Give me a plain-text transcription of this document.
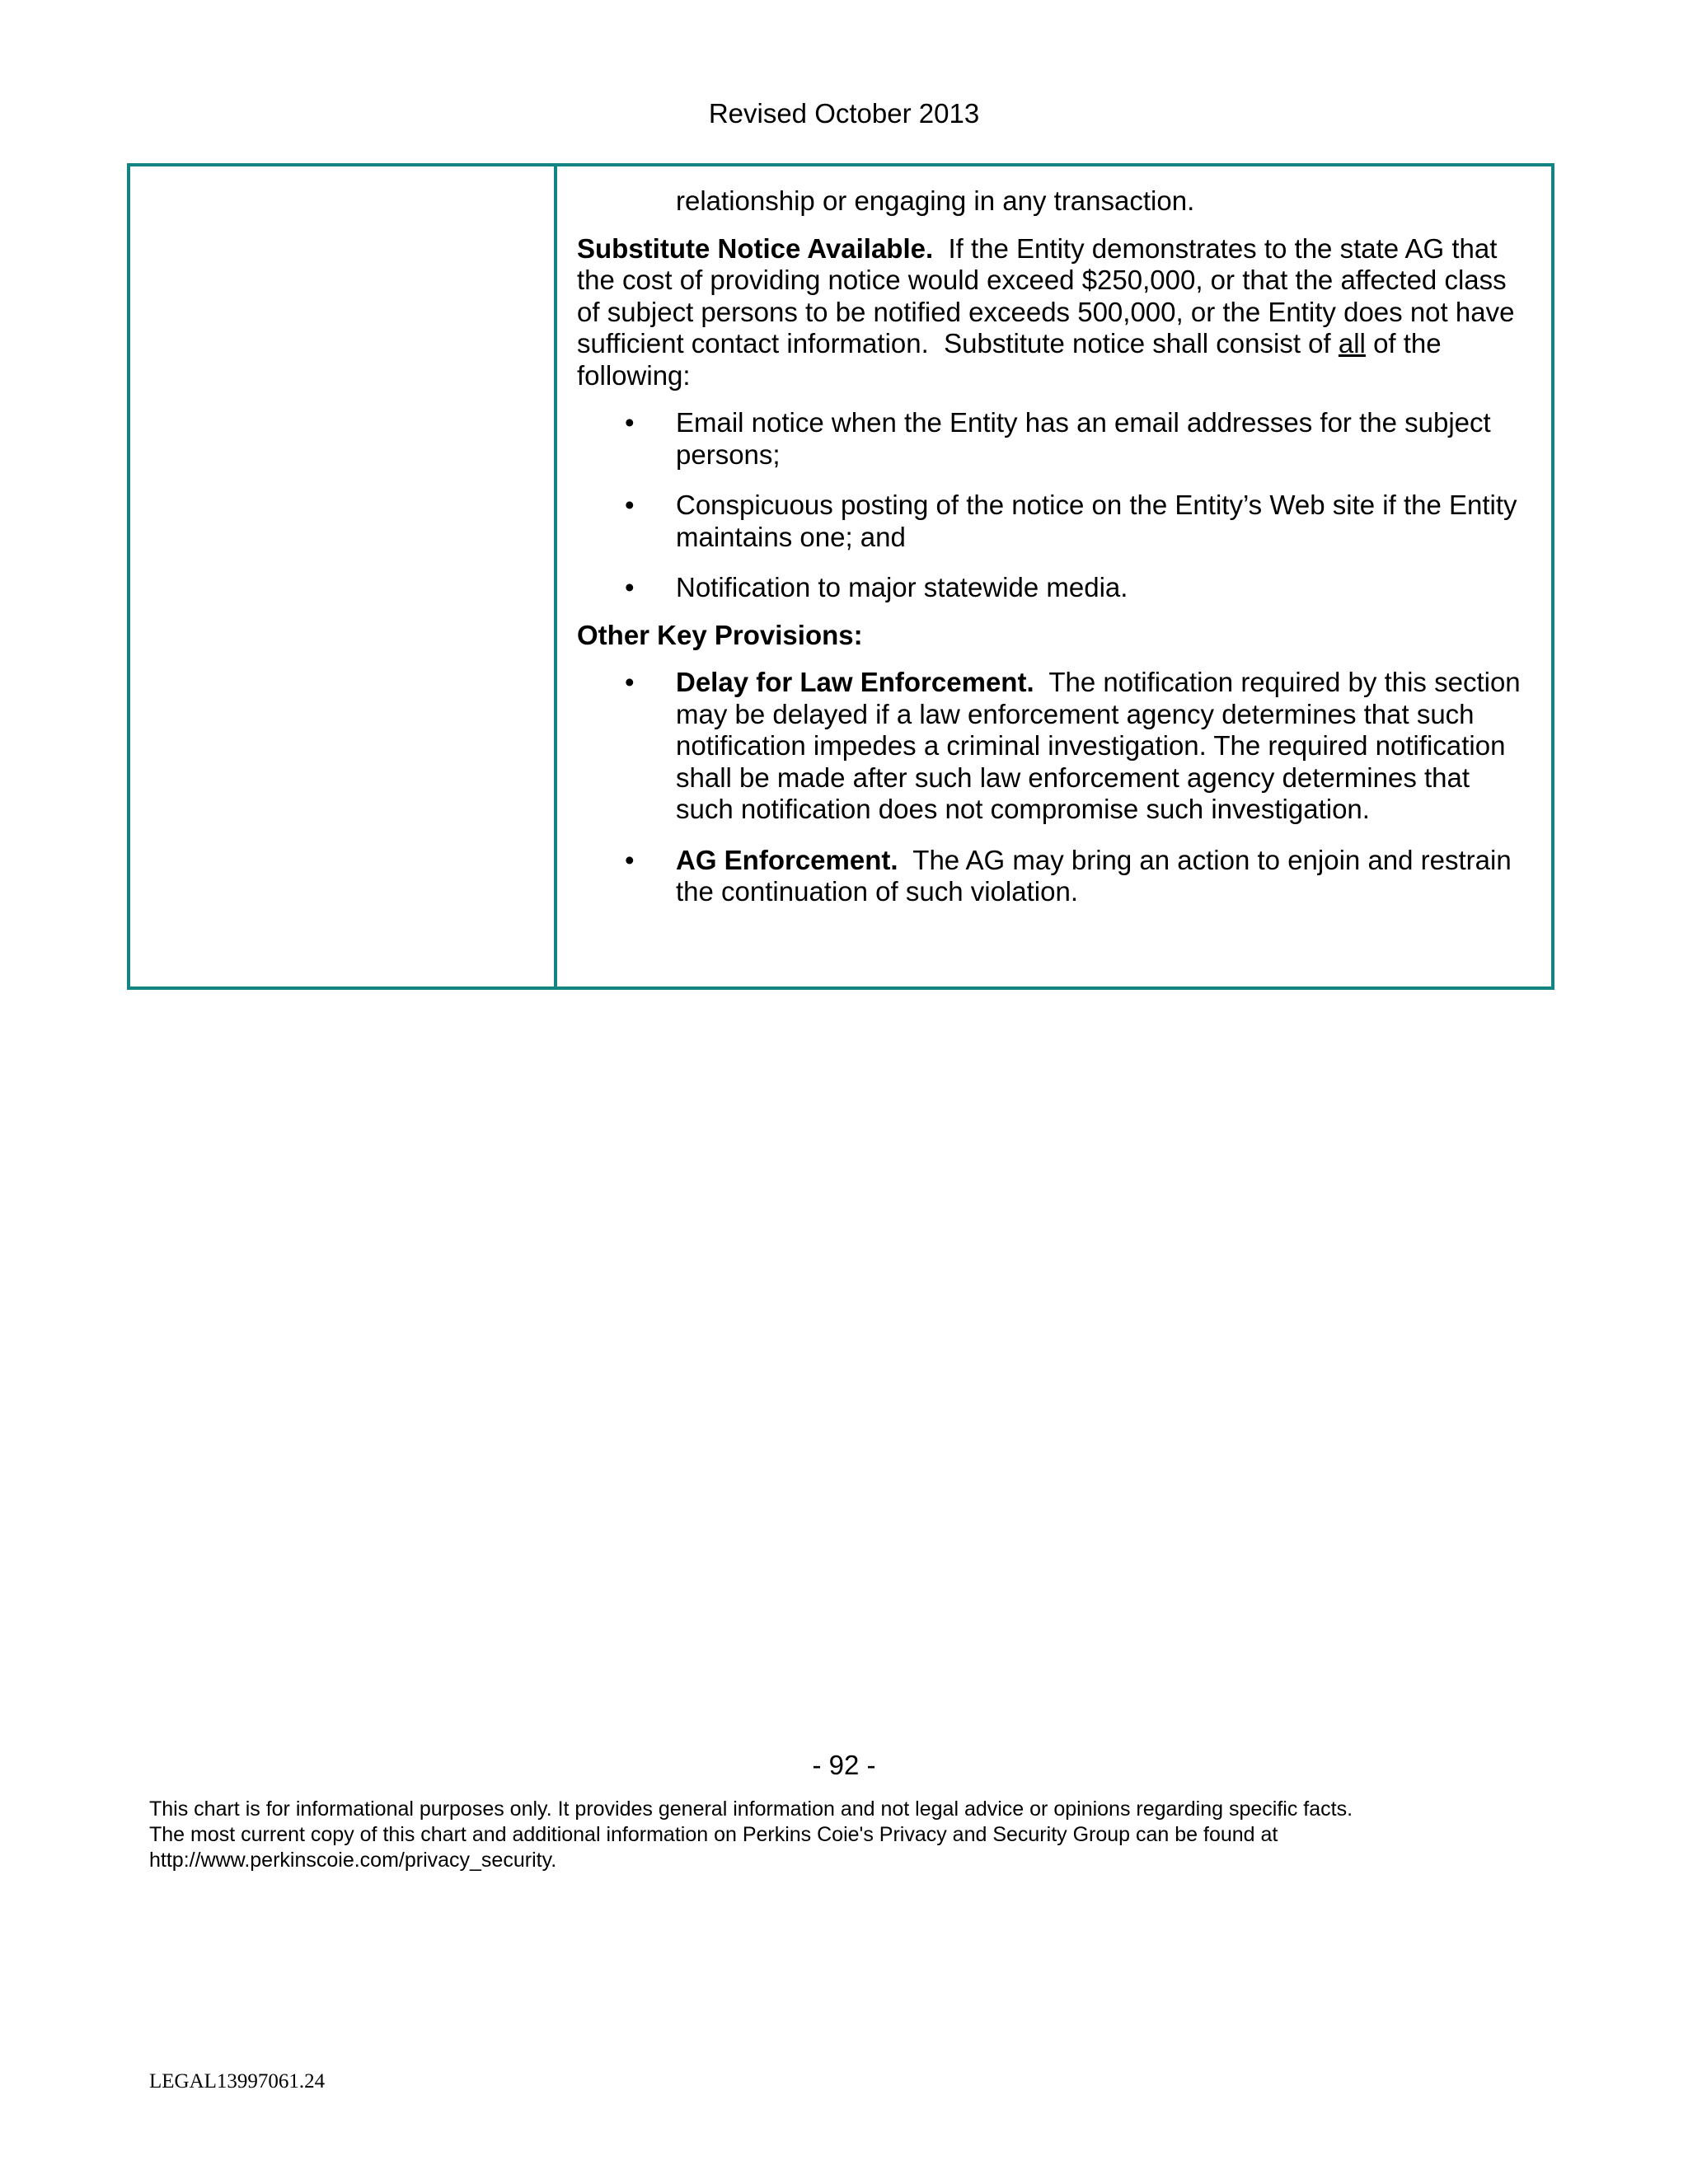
Revised October 2013
relationship or engaging in any transaction.

Substitute Notice Available.  If the Entity demonstrates to the state AG that the cost of providing notice would exceed $250,000, or that the affected class of subject persons to be notified exceeds 500,000, or the Entity does not have sufficient contact information.  Substitute notice shall consist of all of the following:

• Email notice when the Entity has an email addresses for the subject persons;
• Conspicuous posting of the notice on the Entity’s Web site if the Entity maintains one; and
• Notification to major statewide media.

Other Key Provisions:

• Delay for Law Enforcement.  The notification required by this section may be delayed if a law enforcement agency determines that such notification impedes a criminal investigation. The required notification shall be made after such law enforcement agency determines that such notification does not compromise such investigation.
• AG Enforcement.  The AG may bring an action to enjoin and restrain the continuation of such violation.
- 92 -
This chart is for informational purposes only. It provides general information and not legal advice or opinions regarding specific facts.
The most current copy of this chart and additional information on Perkins Coie's Privacy and Security Group can be found at
http://www.perkinscoie.com/privacy_security.
LEGAL13997061.24
